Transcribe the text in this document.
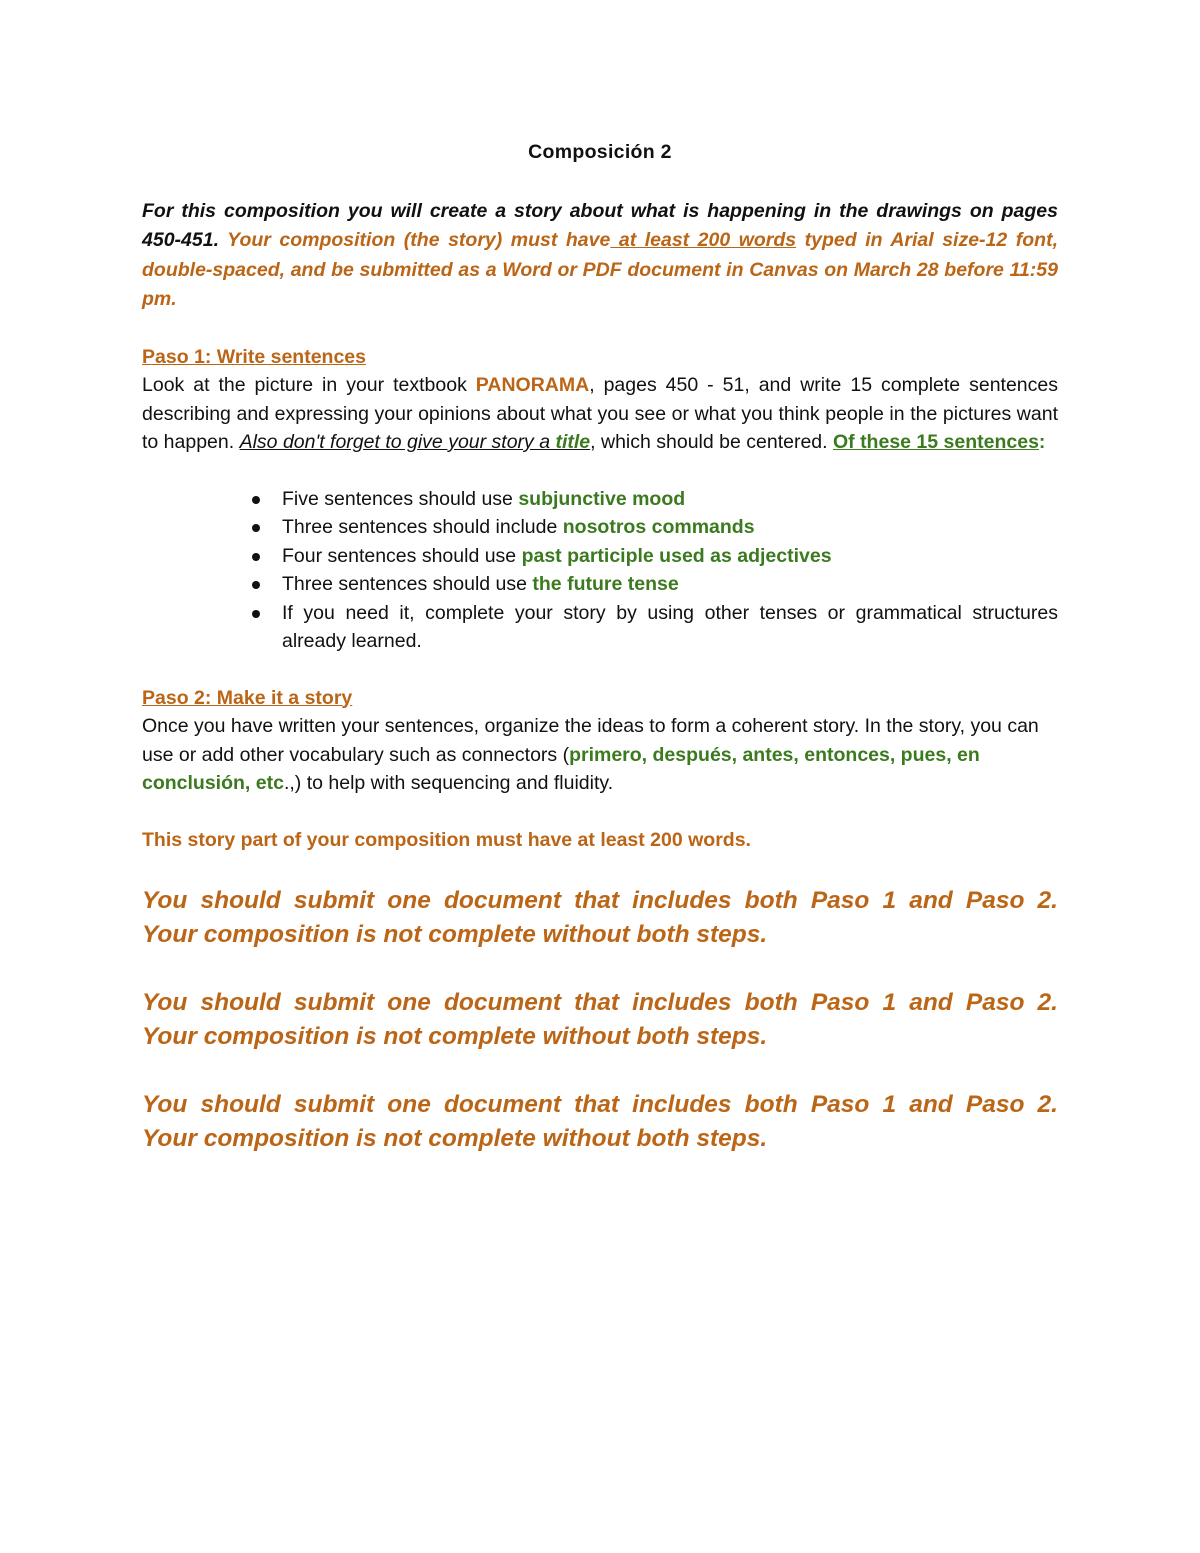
Composición 2
For this composition you will create a story about what is happening in the drawings on pages 450-451. Your composition (the story) must have at least 200 words typed in Arial size-12 font, double-spaced, and be submitted as a Word or PDF document in Canvas on March 28 before 11:59 pm.
Paso 1: Write sentences
Look at the picture in your textbook PANORAMA, pages 450 - 51, and write 15 complete sentences describing and expressing your opinions about what you see or what you think people in the pictures want to happen. Also don't forget to give your story a title, which should be centered. Of these 15 sentences:
Five sentences should use subjunctive mood
Three sentences should include nosotros commands
Four sentences should use past participle used as adjectives
Three sentences should use the future tense
If you need it, complete your story by using other tenses or grammatical structures already learned.
Paso 2: Make it a story
Once you have written your sentences, organize the ideas to form a coherent story. In the story, you can use or add other vocabulary such as connectors (primero, después, antes, entonces, pues, en conclusión, etc.,) to help with sequencing and fluidity.
This story part of your composition must have at least 200 words.
You should submit one document that includes both Paso 1 and Paso 2.
Your composition is not complete without both steps.
You should submit one document that includes both Paso 1 and Paso 2.
Your composition is not complete without both steps.
You should submit one document that includes both Paso 1 and Paso 2.
Your composition is not complete without both steps.
